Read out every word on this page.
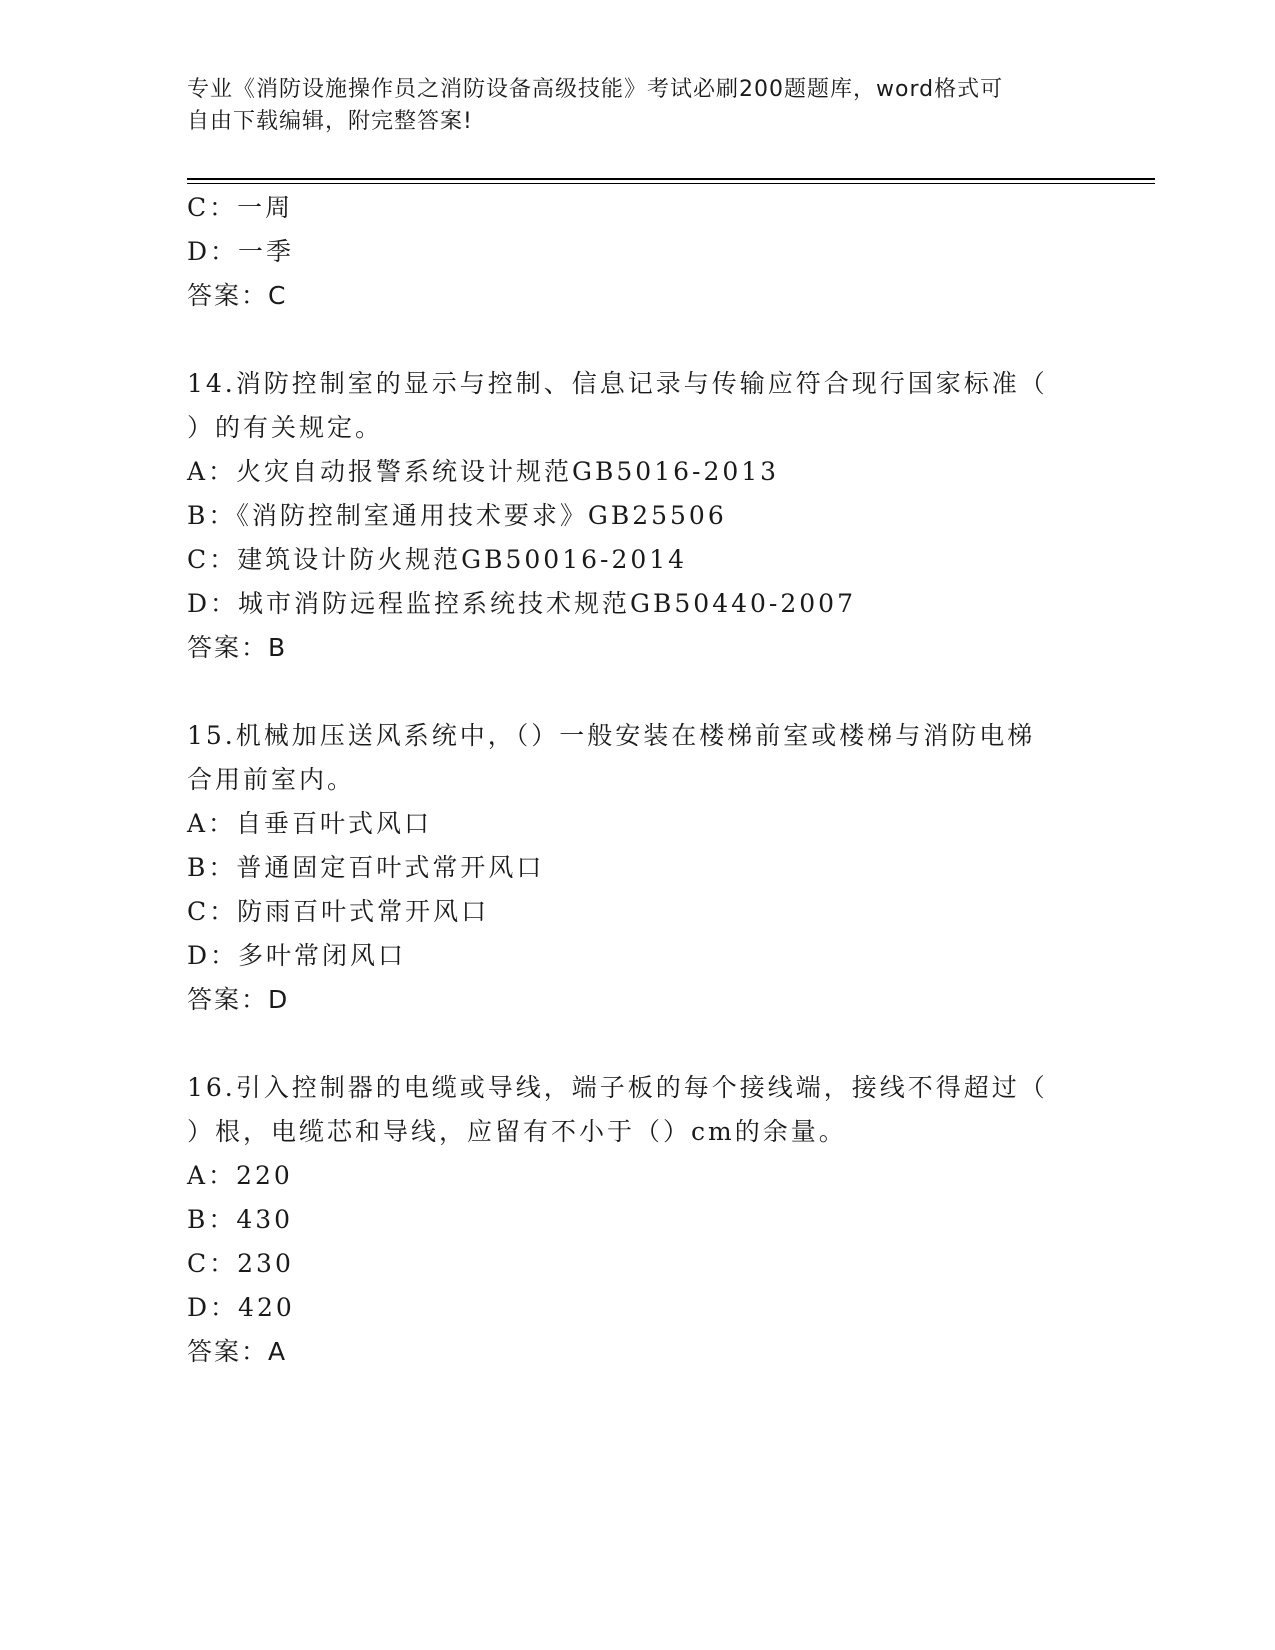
专业《消防设施操作员之消防设备高级技能》考试必刷200题题库，word格式可
自由下载编辑，附完整答案!
C：一周
D：一季
答案：C
14.消防控制室的显示与控制、信息记录与传输应符合现行国家标准（
）的有关规定。
A：火灾自动报警系统设计规范GB5016-2013
B：《消防控制室通用技术要求》GB25506
C：建筑设计防火规范GB50016-2014
D：城市消防远程监控系统技术规范GB50440-2007
答案：B
15.机械加压送风系统中，（）一般安装在楼梯前室或楼梯与消防电梯
合用前室内。
A：自垂百叶式风口
B：普通固定百叶式常开风口
C：防雨百叶式常开风口
D：多叶常闭风口
答案：D
16.引入控制器的电缆或导线，端子板的每个接线端，接线不得超过（
）根，电缆芯和导线，应留有不小于（）cm的余量。
A：220
B：430
C：230
D：420
答案：A
